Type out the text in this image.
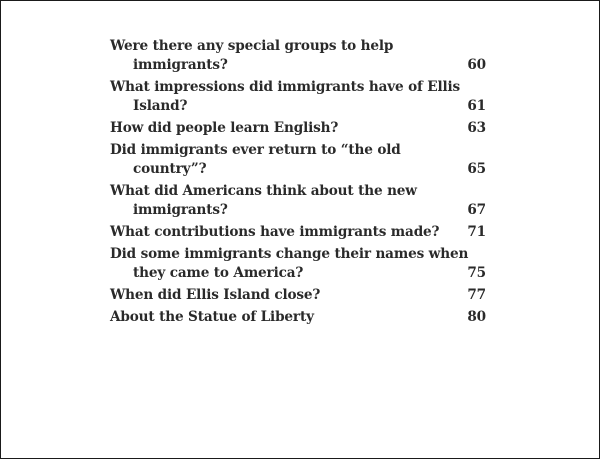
Were there any special groups to help
immigrants?	60
What impressions did immigrants have of Ellis
Island?	61
How did people learn English?	63
Did immigrants ever return to “the old
country”?	65
What did Americans think about the new
immigrants?	67
What contributions have immigrants made?	71
Did some immigrants change their names when
they came to America?	75
When did Ellis Island close?	77
About the Statue of Liberty	80
